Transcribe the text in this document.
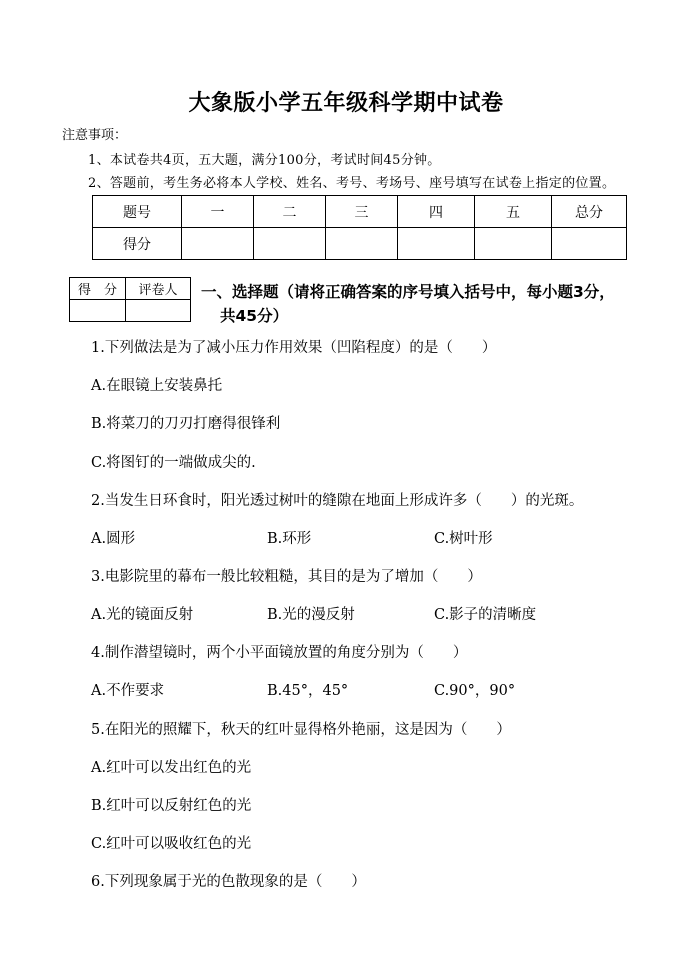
大象版小学五年级科学期中试卷
注意事项：
1、本试卷共4页，五大题，满分100分，考试时间45分钟。
2、答题前，考生务必将本人学校、姓名、考号、考场号、座号填写在试卷上指定的位置。
题号	一	二	三	四	五	总分
得分						
得　分	评卷人
	一、选择题（请将正确答案的序号填入括号中，每小题3分，
共45分）
1.下列做法是为了减小压力作用效果（凹陷程度）的是（　　）
A.在眼镜上安装鼻托
B.将菜刀的刀刃打磨得很锋利
C.将图钉的一端做成尖的.
2.当发生日环食时，阳光透过树叶的缝隙在地面上形成许多（　　）的光斑。
A.圆形	B.环形	C.树叶形
3.电影院里的幕布一般比较粗糙，其目的是为了增加（　　）
A.光的镜面反射	B.光的漫反射	C.影子的清晰度
4.制作潜望镜时，两个小平面镜放置的角度分别为（　　）
A.不作要求	B.45°，45°	C.90°，90°
5.在阳光的照耀下，秋天的红叶显得格外艳丽，这是因为（　　）
A.红叶可以发出红色的光
B.红叶可以反射红色的光
C.红叶可以吸收红色的光
6.下列现象属于光的色散现象的是（　　）
